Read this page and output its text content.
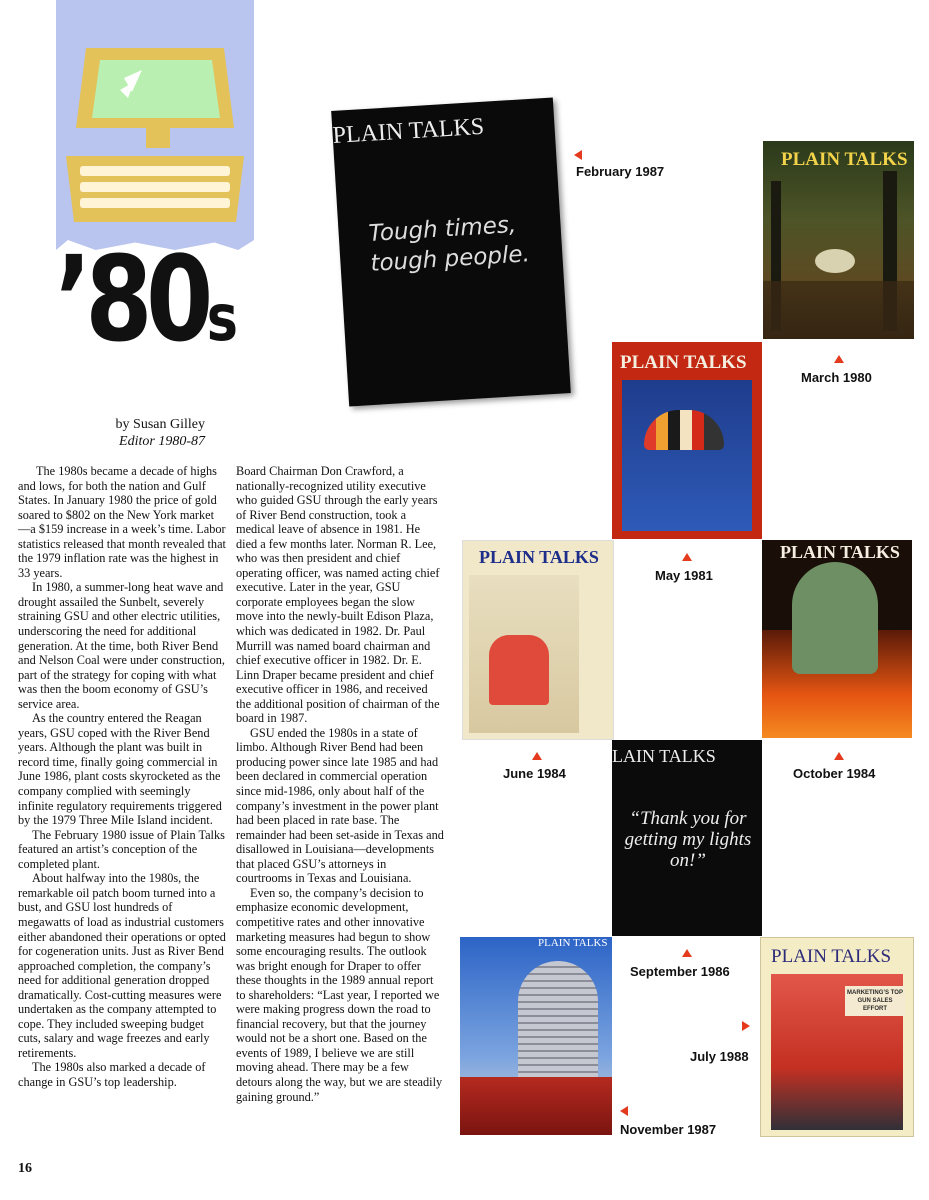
’80s
by Susan Gilley
Editor 1980-87

The 1980s became a decade of highs and lows, for both the nation and Gulf States. In January 1980 the price of gold soared to $802 on the New York market—a $159 increase in a week’s time. Labor statistics released that month revealed that the 1979 inflation rate was the highest in 33 years.

In 1980, a summer-long heat wave and drought assailed the Sunbelt, severely straining GSU and other electric utilities, underscoring the need for additional generation. At the time, both River Bend and Nelson Coal were under construction, part of the strategy for coping with what was then the boom economy of GSU’s service area.

As the country entered the Reagan years, GSU coped with the River Bend years. Although the plant was built in record time, finally going commercial in June 1986, plant costs skyrocketed as the company complied with seemingly infinite regulatory requirements triggered by the 1979 Three Mile Island incident.

The February 1980 issue of Plain Talks featured an artist’s conception of the completed plant.

About halfway into the 1980s, the remarkable oil patch boom turned into a bust, and GSU lost hundreds of megawatts of load as industrial customers either abandoned their operations or opted for cogeneration units. Just as River Bend approached completion, the company’s need for additional generation dropped dramatically. Cost-cutting measures were undertaken as the company attempted to cope. They included sweeping budget cuts, salary and wage freezes and early retirements.

The 1980s also marked a decade of change in GSU’s top leadership.

Board Chairman Don Crawford, a nationally-recognized utility executive who guided GSU through the early years of River Bend construction, took a medical leave of absence in 1981. He died a few months later. Norman R. Lee, who was then president and chief operating officer, was named acting chief executive. Later in the year, GSU corporate employees began the slow move into the newly-built Edison Plaza, which was dedicated in 1982. Dr. Paul Murrill was named board chairman and chief executive officer in 1982. Dr. E. Linn Draper became president and chief executive officer in 1986, and received the additional position of chairman of the board in 1987.

GSU ended the 1980s in a state of limbo. Although River Bend had been producing power since late 1985 and had been declared in commercial operation since mid-1986, only about half of the company’s investment in the power plant had been placed in rate base. The remainder had been set-aside in Texas and disallowed in Louisiana—developments that placed GSU’s attorneys in courtrooms in Texas and Louisiana.

Even so, the company’s decision to emphasize economic development, competitive rates and other innovative marketing measures had begun to show some encouraging results. The outlook was bright enough for Draper to offer these thoughts in the 1989 annual report to shareholders: “Last year, I reported we were making progress down the road to financial recovery, but that the journey would not be a short one. Based on the events of 1989, I believe we are still moving ahead. There may be a few detours along the way, but we are steadily gaining ground.”

16
PLAIN TALKS
Tough times,
tough people.
February 1987
PLAIN TALKS
March 1980
PLAIN TALKS
May 1981
PLAIN TALKS
June 1984
PLAIN TALKS
October 1984
LAIN TALKS
“Thank you for getting my lights on!”
September 1986
PLAIN TALKS
November 1987
MARKETING’S TOP GUN SALES EFFORT
PLAIN TALKS
July 1988
